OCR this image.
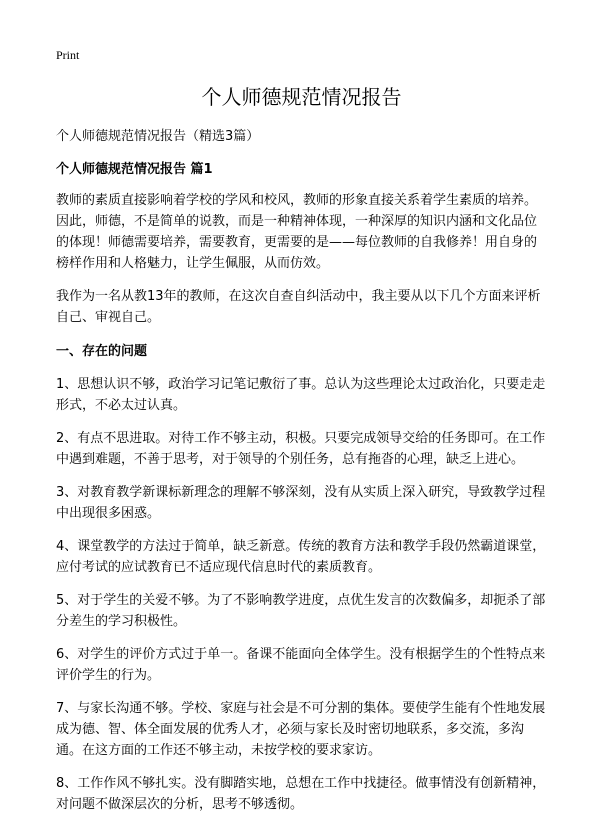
Print
个人师德规范情况报告

个人师德规范情况报告（精选3篇）

个人师德规范情况报告 篇1

教师的素质直接影响着学校的学风和校风，教师的形象直接关系着学生素质的培养。因此，师德，不是简单的说教，而是一种精神体现，一种深厚的知识内涵和文化品位的体现！师德需要培养，需要教育，更需要的是——每位教师的自我修养！用自身的榜样作用和人格魅力，让学生佩服，从而仿效。

我作为一名从教13年的教师，在这次自查自纠活动中，我主要从以下几个方面来评析自己、审视自己。

一、存在的问题

1、思想认识不够，政治学习记笔记敷衍了事。总认为这些理论太过政治化，只要走走形式，不必太过认真。

2、有点不思进取。对待工作不够主动，积极。只要完成领导交给的任务即可。在工作中遇到难题，不善于思考，对于领导的个别任务，总有拖沓的心理，缺乏上进心。

3、对教育教学新课标新理念的理解不够深刻，没有从实质上深入研究，导致教学过程中出现很多困惑。

4、课堂教学的方法过于简单，缺乏新意。传统的教育方法和教学手段仍然霸道课堂，应付考试的应试教育已不适应现代信息时代的素质教育。

5、对于学生的关爱不够。为了不影响教学进度，点优生发言的次数偏多，却扼杀了部分差生的学习积极性。

6、对学生的评价方式过于单一。备课不能面向全体学生。没有根据学生的个性特点来评价学生的行为。

7、与家长沟通不够。学校、家庭与社会是不可分割的集体。要使学生能有个性地发展成为德、智、体全面发展的优秀人才，必须与家长及时密切地联系，多交流，多沟通。在这方面的工作还不够主动，未按学校的要求家访。

8、工作作风不够扎实。没有脚踏实地，总想在工作中找捷径。做事情没有创新精神，对问题不做深层次的分析，思考不够透彻。
